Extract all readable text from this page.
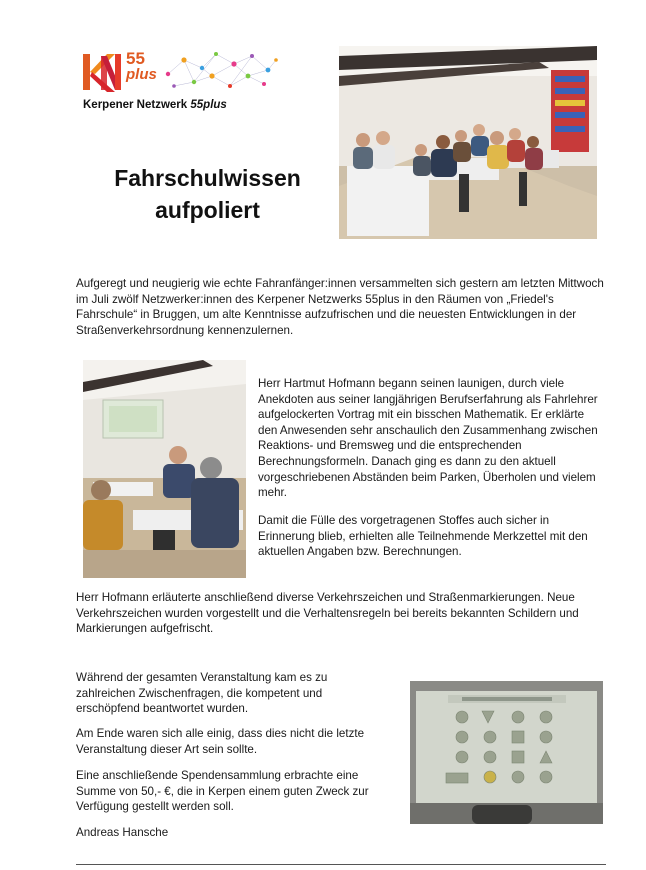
55
plus
Kerpener Netzwerk 55plus
Fahrschulwissen
aufpoliert

Aufgeregt und neugierig wie echte Fahranfänger:innen versammelten sich gestern am letzten Mittwoch im Juli zwölf Netzwerker:innen des Kerpener Netzwerks 55plus in den Räumen von „Friedel's Fahrschule“ in Bruggen, um alte Kenntnisse aufzufrischen und die neuesten Entwicklungen in der Straßenverkehrsordnung kennenzulernen.

Herr Hartmut Hofmann begann seinen launigen, durch viele Anekdoten aus seiner langjährigen Berufserfahrung als Fahrlehrer aufgelockerten Vortrag mit ein bisschen Mathematik. Er erklärte den Anwesenden sehr anschaulich den Zusammenhang zwischen Reaktions- und Bremsweg und die entsprechenden Berechnungsformeln. Danach ging es dann zu den aktuell vorgeschriebenen Abständen beim Parken, Überholen und vielem mehr.

Damit die Fülle des vorgetragenen Stoffes auch sicher in Erinnerung blieb, erhielten alle Teilnehmende Merkzettel mit den aktuellen Angaben bzw. Berechnungen.

Herr Hofmann erläuterte anschließend diverse Verkehrszeichen und Straßenmarkierungen. Neue Verkehrszeichen wurden vorgestellt und die Verhaltensregeln bei bereits bekannten Schildern und Markierungen aufgefrischt.

Während der gesamten Veranstaltung kam es zu zahlreichen Zwischenfragen, die kompetent und erschöpfend beantwortet wurden.

Am Ende waren sich alle einig, dass dies nicht die letzte Veranstaltung dieser Art sein sollte.

Eine anschließende Spendensammlung erbrachte eine Summe von 50,- €, die in Kerpen einem guten Zweck zur Verfügung gestellt werden soll.

Andreas Hansche
